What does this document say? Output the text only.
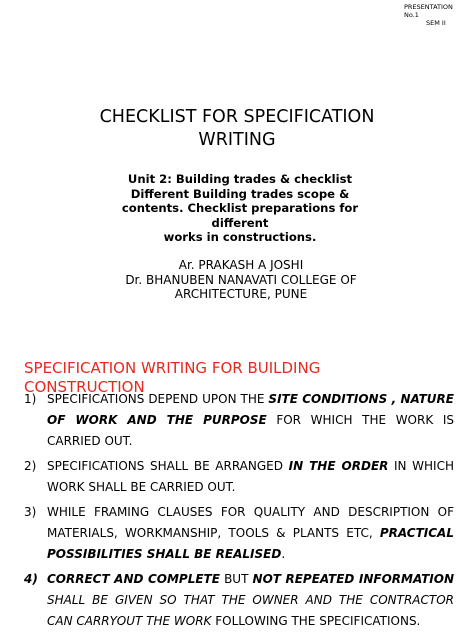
PRESENTATION
No.1
SEM II
CHECKLIST FOR SPECIFICATION
WRITING
Unit 2: Building trades & checklist
Different Building trades scope &
contents. Checklist preparations for
different
works in constructions.
Ar. PRAKASH A JOSHI
Dr. BHANUBEN NANAVATI COLLEGE OF
ARCHITECTURE, PUNE
SPECIFICATION WRITING FOR BUILDING CONSTRUCTION
1) SPECIFICATIONS DEPEND UPON THE SITE CONDITIONS , NATURE OF WORK AND THE PURPOSE FOR WHICH THE WORK IS CARRIED OUT.
2) SPECIFICATIONS SHALL BE ARRANGED IN THE ORDER IN WHICH WORK SHALL BE CARRIED OUT.
3) WHILE FRAMING CLAUSES FOR QUALITY AND DESCRIPTION OF MATERIALS, WORKMANSHIP, TOOLS & PLANTS ETC, PRACTICAL POSSIBILITIES SHALL BE REALISED.
4) CORRECT AND COMPLETE BUT NOT REPEATED INFORMATION SHALL BE GIVEN SO THAT THE OWNER AND THE CONTRACTOR CAN CARRYOUT THE WORK FOLLOWING THE SPECIFICATIONS.
